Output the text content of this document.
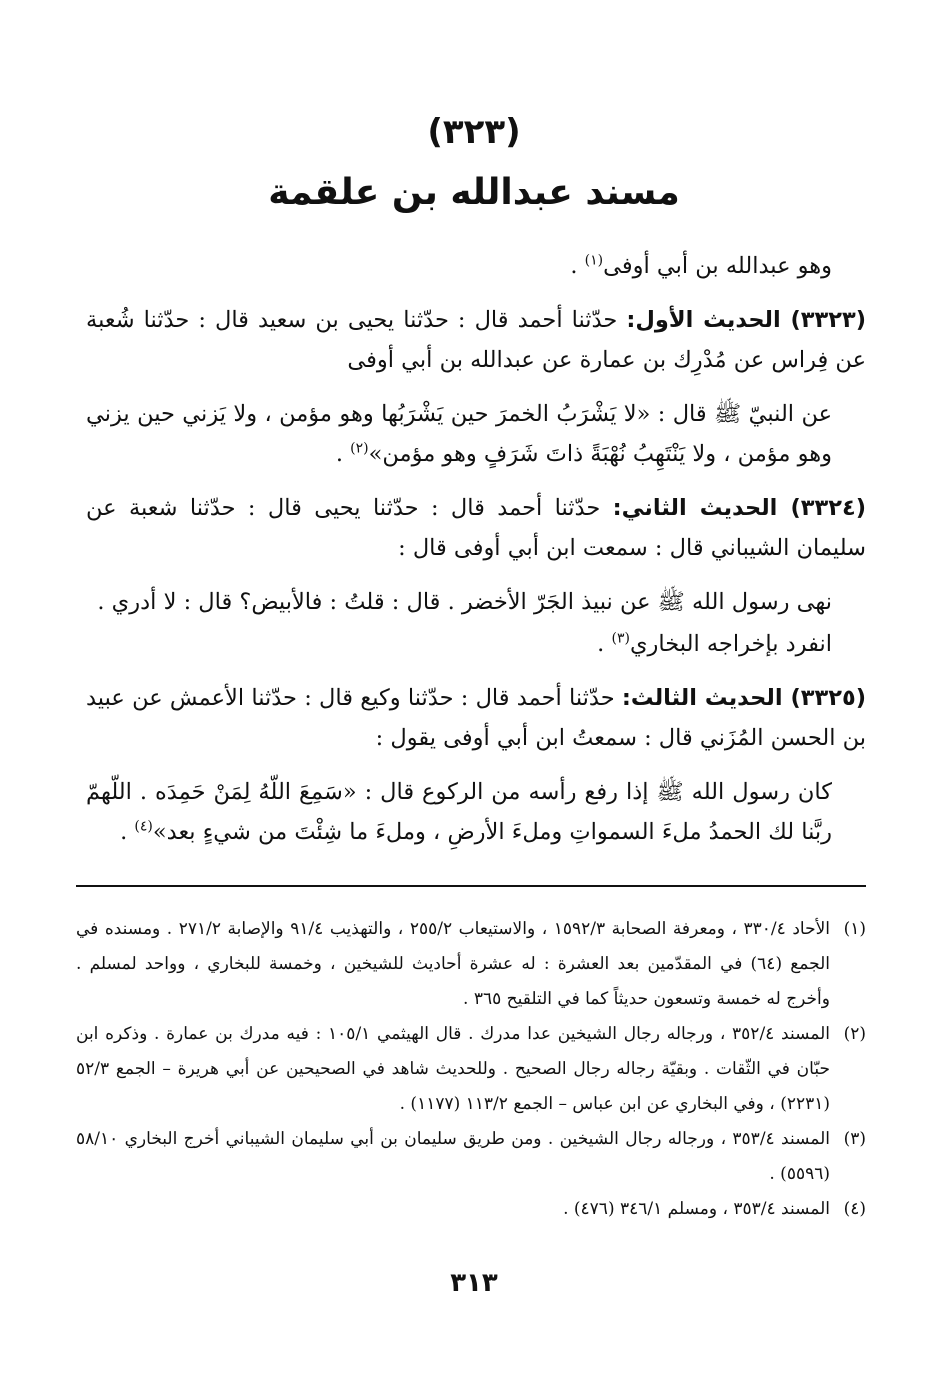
(٣٢٣)
مسند عبدالله بن علقمة

وهو عبدالله بن أبي أوفى$^{(١)}$ .

(٣٣٢٣) الحديث الأول: حدّثنا أحمد قال : حدّثنا يحيى بن سعيد قال : حدّثنا شُعبة عن فِراس عن مُدْرِك بن عمارة عن عبدالله بن أبي أوفى

عن النبيّ ﷺ قال : «لا يَشْرَبُ الخمرَ حين يَشْرَبُها وهو مؤمن ، ولا يَزني حين يزني وهو مؤمن ، ولا يَنْتَهِبُ نُهْبَةً ذاتَ شَرَفٍ وهو مؤمن»$^{(٢)}$ .

(٣٣٢٤) الحديث الثاني: حدّثنا أحمد قال : حدّثنا يحيى قال : حدّثنا شعبة عن سليمان الشيباني قال : سمعت ابن أبي أوفى قال :

نهى رسول الله ﷺ عن نبيذ الجَرّ الأخضر . قال : قلتُ : فالأبيض؟ قال : لا أدري .

انفرد بإخراجه البخاري$^{(٣)}$ .

(٣٣٢٥) الحديث الثالث: حدّثنا أحمد قال : حدّثنا وكيع قال : حدّثنا الأعمش عن عبيد بن الحسن المُزَني قال : سمعتُ ابن أبي أوفى يقول :

كان رسول الله ﷺ إذا رفع رأسه من الركوع قال : «سَمِعَ اللّهُ لِمَنْ حَمِدَه . اللّهمّ ربَّنا لك الحمدُ ملءَ السمواتِ وملءَ الأرضِ ، وملءَ ما شِئْتَ من شيءٍ بعد»$^{(٤)}$ .

(١)
الأحاد ٣٣٠/٤ ، ومعرفة الصحابة ١٥٩٢/٣ ، والاستيعاب ٢٥٥/٢ ، والتهذيب ٩١/٤ والإصابة ٢٧١/٢ . ومسنده في الجمع (٦٤) في المقدّمين بعد العشرة : له عشرة أحاديث للشيخين ، وخمسة للبخاري ، وواحد لمسلم . وأخرج له خمسة وتسعون حديثاً كما في التلقيح ٣٦٥ .
(٢)
المسند ٣٥٢/٤ ، ورجاله رجال الشيخين عدا مدرك . قال الهيثمي ١٠٥/١ : فيه مدرك بن عمارة . وذكره ابن حبّان في الثّقات . وبقيّة رجاله رجال الصحيح . وللحديث شاهد في الصحيحين عن أبي هريرة – الجمع ٥٢/٣ (٢٢٣١) ، وفي البخاري عن ابن عباس – الجمع ١١٣/٢ (١١٧٧) .
(٣)
المسند ٣٥٣/٤ ، ورجاله رجال الشيخين . ومن طريق سليمان بن أبي سليمان الشيباني أخرج البخاري ٥٨/١٠ (٥٥٩٦) .
(٤)
المسند ٣٥٣/٤ ، ومسلم ٣٤٦/١ (٤٧٦) .
٣١٣
